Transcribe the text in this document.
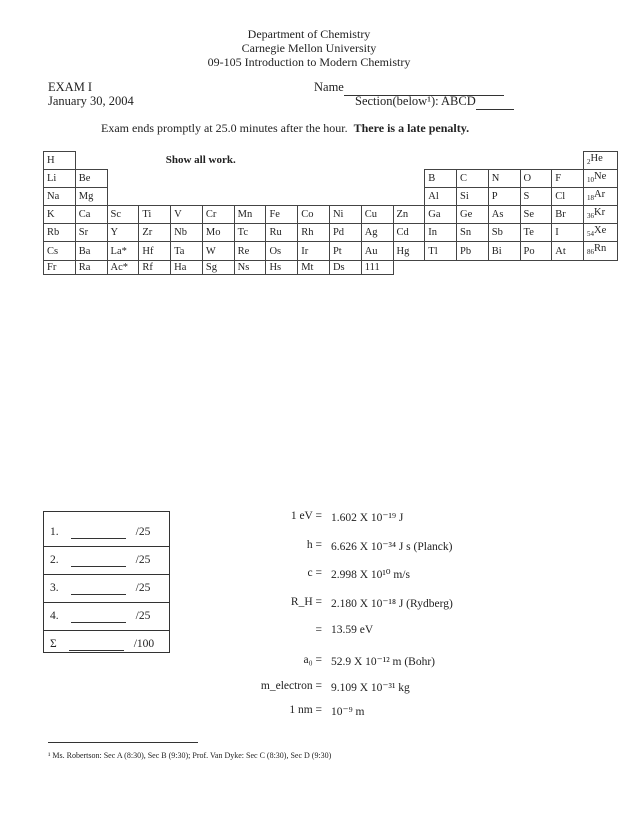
Department of Chemistry
Carnegie Mellon University
09-105 Introduction to Modern Chemistry
EXAM I
January 30, 2004
Name
Section(below¹): ABCD
Exam ends promptly at 25.0 minutes after the hour. There is a late penalty.
H	Show all work.																$_2$He
Li	Be											B	C	N	O	F	$_{10}$Ne
Na	Mg											Al	Si	P	S	Cl	$_{18}$Ar
K	Ca	Sc	Ti	V	Cr	Mn	Fe	Co	Ni	Cu	Zn	Ga	Ge	As	Se	Br	$_{36}$Kr
Rb	Sr	Y	Zr	Nb	Mo	Tc	Ru	Rh	Pd	Ag	Cd	In	Sn	Sb	Te	I	$_{54}$Xe
Cs	Ba	La*	Hf	Ta	W	Re	Os	Ir	Pt	Au	Hg	Tl	Pb	Bi	Po	At	$_{86}$Rn
Fr	Ra	Ac*	Rf	Ha	Sg	Ns	Hs	Mt	Ds	111							
1.	/25
2.	/25
3.	/25
4.	/25
Σ	/100
1 eV = 1.602 X 10⁻¹⁹ J
h = 6.626 X 10⁻³⁴ J s (Planck)
c = 2.998 X 10¹⁰ m/s
R_H = 2.180 X 10⁻¹⁸ J (Rydberg)
= 13.59 eV
a₀ = 52.9 X 10⁻¹² m (Bohr)
m_electron = 9.109 X 10⁻³¹ kg
1 nm = 10⁻⁹ m
¹ Ms. Robertson: Sec A (8:30), Sec B (9:30); Prof. Van Dyke: Sec C (8:30), Sec D (9:30)
